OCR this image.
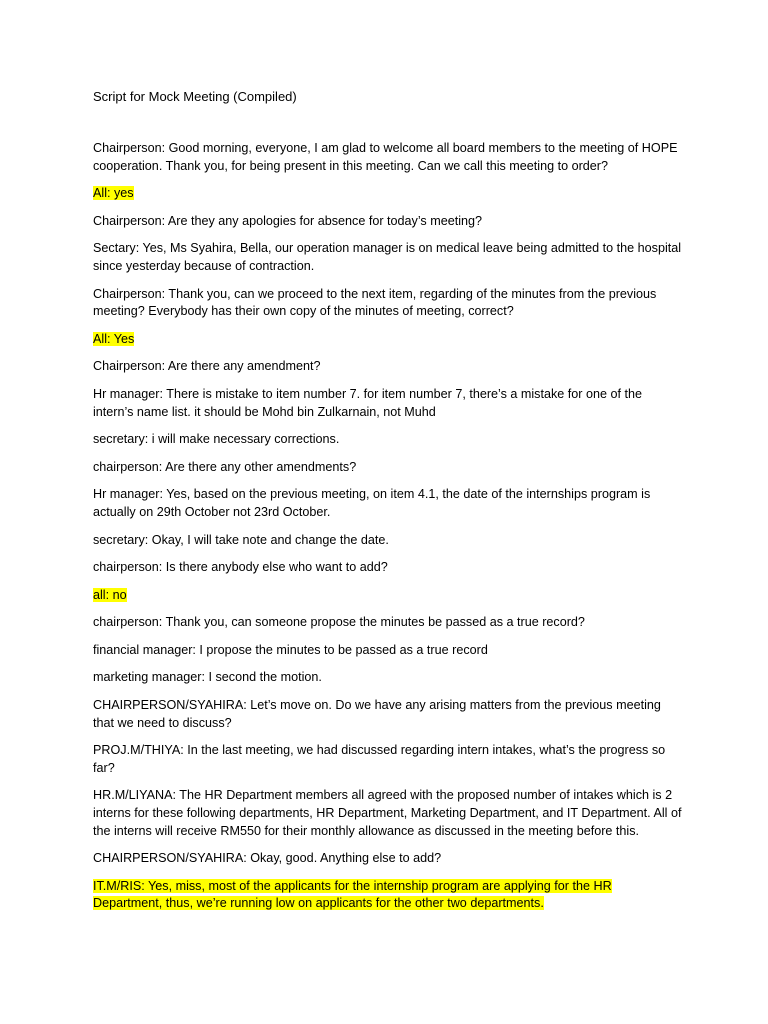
Script for Mock Meeting (Compiled)

Chairperson: Good morning, everyone, I am glad to welcome all board members to the meeting of HOPE cooperation. Thank you, for being present in this meeting. Can we call this meeting to order?

All: yes

Chairperson: Are they any apologies for absence for today’s meeting?

Sectary: Yes, Ms Syahira, Bella, our operation manager is on medical leave being admitted to the hospital since yesterday because of contraction.

Chairperson: Thank you, can we proceed to the next item, regarding of the minutes from the previous meeting? Everybody has their own copy of the minutes of meeting, correct?

All: Yes

Chairperson: Are there any amendment?

Hr manager: There is mistake to item number 7. for item number 7, there’s a mistake for one of the intern’s name list. it should be Mohd bin Zulkarnain, not Muhd

secretary: i will make necessary corrections.

chairperson: Are there any other amendments?

Hr manager: Yes, based on the previous meeting, on item 4.1, the date of the internships program is actually on 29th October not 23rd October.

secretary: Okay, I will take note and change the date.

chairperson: Is there anybody else who want to add?

all: no

chairperson: Thank you, can someone propose the minutes be passed as a true record?

financial manager: I propose the minutes to be passed as a true record

marketing manager: I second the motion.

CHAIRPERSON/SYAHIRA: Let’s move on. Do we have any arising matters from the previous meeting that we need to discuss?

PROJ.M/THIYA: In the last meeting, we had discussed regarding intern intakes, what’s the progress so far?

HR.M/LIYANA: The HR Department members all agreed with the proposed number of intakes which is 2 interns for these following departments, HR Department, Marketing Department, and IT Department. All of the interns will receive RM550 for their monthly allowance as discussed in the meeting before this.

CHAIRPERSON/SYAHIRA: Okay, good. Anything else to add?

IT.M/RIS: Yes, miss, most of the applicants for the internship program are applying for the HR Department, thus, we’re running low on applicants for the other two departments.
